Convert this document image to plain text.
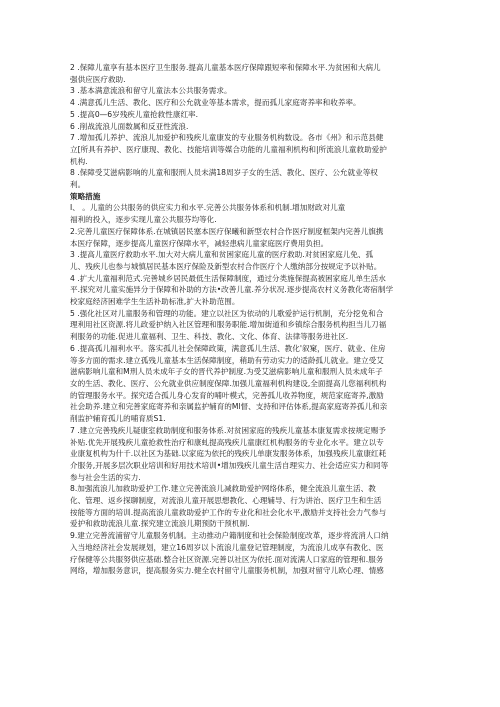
2 .保障儿童享有基本医疗卫生服务.提高儿童基本医疗保障跟短率和保障水平.为贫困和大病儿
强供应医疗救助.
3 .基本满意流浪和留守儿童法本公共服务需求。
4 .满意孤儿生活、教化、医疗和公允就业等基本需求，提而孤儿家庭寄养率和收养率。
5 .提高0—6岁残疾儿童抢救性康红率.
6 .削战流浪儿面数属和反亚性流浪.
7 .增加孤儿养护、流浪儿加爱护和残疾儿童康发的专业服务机构数设。各市《州》和示范县健
立[所具有养护、医疗康现、教化、技能培训等媒合功能的儿童福利机构和|所流浪儿童救助爱护
机构.
8 .保障受艾滋病影响的儿童和服刑人员未满18周岁子女的生活、教化、医疗、公允就业等权
利。
策略措施
I、 。儿童的公共服务的供应实力和水平.完善公共服务体系和机制.增加财政对儿童
福利的投入，逐步实现儿童公共服芬均等化.
2.完善儿童医疗保障体系.在城镇居民塞本医疗保曦和新型农村合作医疗制度框架内完善儿旗携
本医疗保障，逐步提高儿童医疗保障水平，减轻患病儿童家庭医疗费用负担。
3 .提高儿童医疗救助水平.加大对大病儿童和贫困家庭儿童的医疗救助.对贫困家庭儿免、孤
儿、残疾儿也参与城慎居民基本医疗保险及新型农村合作医疗个人缴纳部分按规定予以补贴。
4 .扩大儿童福利范式.完善城乡居民最低生活保障制度，通过分类施保提高被困家庭儿单生活水
平.探究对儿童实施异分于保障和补助的方法•改善儿童.养分状况.逐步提高农村义务教化寄宿制学
校家庭经济困难学生生活补助标准,扩大补助范围。
5 .强化社区对儿童服务和管理的功能。建立以社区为依动的儿歌爱护运行机制，充分挖免和合
理利用社区资源.将儿政爱护纳入社区管理和服务职能.增加街道和乡镇综合服务机构担当儿刀福
利服务的功能.促进儿童福利、卫生、科技、教化、文化、体育、法律等服务进社区.
6 .提高孤儿福利水平。落实孤儿社会保障政策，满意孤儿生活、教化'叙窠，医疗、就业、住房
等多方面的需求.建立孤残儿童基本生活保障制度，稍助有劳动实力的适龄孤儿就业。建立受艾
滋病影响儿童和M刑人员未成年子女的晋代养护制度.为受艾滋病影响儿童和服刑人员未成年子
女的生活、教化、医疗、公允就业供应制度保障.加强儿童福利机构建设,全面提高儿您福利机构
的管理服务水平。探究适合孤儿身心发育的哺叶模式，完善孤儿收养物度，规范家庭寄养,激励
社会助养.建立和完善家庭寄养和亲属监护辅育的Ml督、支持和评估体系,提高家庭寄养孤儿和亲
削监护辅育孤儿的哺育质S1.
7 .建立完善残疾儿疑康室救助制度和服务体系.对贫困家庭的残疾儿童基本康复需求按规定赐予
补贴.优先开展残疾儿童抢救性治疗和康虬提高残疾儿童康红机构服务的专业化水平。建立以专
业康复机构为什千.以社区为基础.以家庭为依托的残疾儿单康发服务体系，加强残疾儿童康红耗
介服务,开展多层次职业培训和好用技术培训•增加残疾儿童生活自理实力、社会适应实力和同等
参与社会生活的实力.
8.加强流浪儿加救助爱护工作.建立完善流浪儿减救助爱护网络体系，健全流浪儿童生活、教
化、管理、返乡探聊制度，对流浪儿童开展思想教化、心理辅导、行为讲治、医疗卫生和生活
按能等方面的培训.提高流浪儿童救助爱护工作的专业化和社会化水平,激励并支持社会力气参与
爱护和救助流浪儿童.探究建立流浪儿期预防干预机制.
9.建立完善流浦留守儿童服务机制。主动推动户籍制度和社会保险制度改革，逐步将流消人口纳
入当地经济社会发展规划，建立16周岁以卜流浪儿童登记管理制度，为流浪儿成享有教化、医
疗保健等公共服努供应基础.整合社区资源.完善以社区为依托.面对流满人口家庭的管理和.服务
网络，增加服务意识，提高服务实力.健全农村留守儿童服务机制，加强对留守儿欧心理、情感
